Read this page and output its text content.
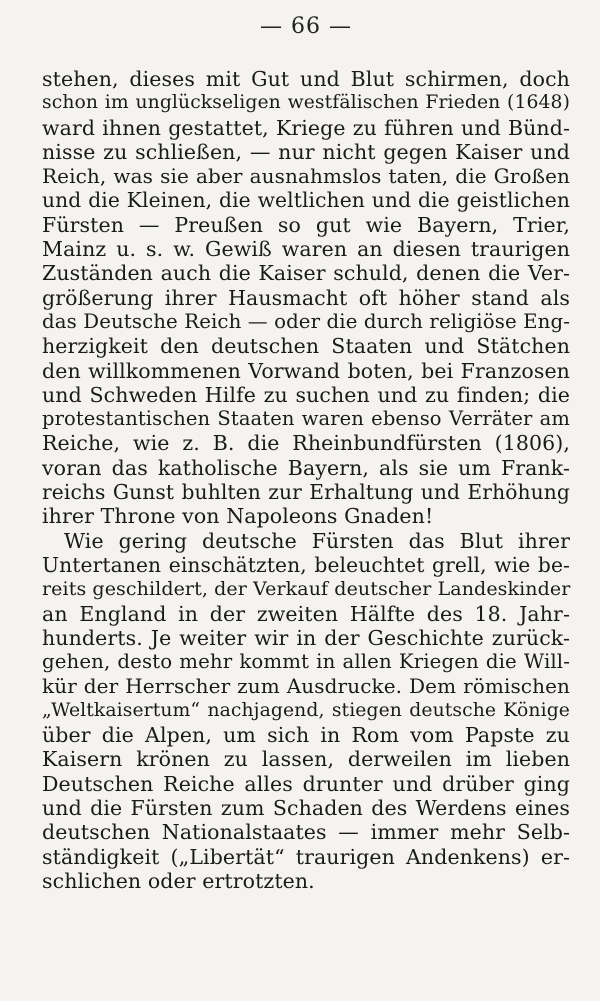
— 66 —
stehen, dieses mit Gut und Blut schirmen, doch
schon im unglückseligen westfälischen Frieden (1648)
ward ihnen gestattet, Kriege zu führen und Bünd-
nisse zu schließen, — nur nicht gegen Kaiser und
Reich, was sie aber ausnahmslos taten, die Großen
und die Kleinen, die weltlichen und die geistlichen
Fürsten — Preußen so gut wie Bayern, Trier,
Mainz u. s. w. Gewiß waren an diesen traurigen
Zuständen auch die Kaiser schuld, denen die Ver-
größerung ihrer Hausmacht oft höher stand als
das Deutsche Reich — oder die durch religiöse Eng-
herzigkeit den deutschen Staaten und Stätchen
den willkommenen Vorwand boten, bei Franzosen
und Schweden Hilfe zu suchen und zu finden; die
protestantischen Staaten waren ebenso Verräter am
Reiche, wie z. B. die Rheinbundfürsten (1806),
voran das katholische Bayern, als sie um Frank-
reichs Gunst buhlten zur Erhaltung und Erhöhung
ihrer Throne von Napoleons Gnaden!
Wie gering deutsche Fürsten das Blut ihrer
Untertanen einschätzten, beleuchtet grell, wie be-
reits geschildert, der Verkauf deutscher Landeskinder
an England in der zweiten Hälfte des 18. Jahr-
hunderts. Je weiter wir in der Geschichte zurück-
gehen, desto mehr kommt in allen Kriegen die Will-
kür der Herrscher zum Ausdrucke. Dem römischen
„Weltkaisertum“ nachjagend, stiegen deutsche Könige
über die Alpen, um sich in Rom vom Papste zu
Kaisern krönen zu lassen, derweilen im lieben
Deutschen Reiche alles drunter und drüber ging
und die Fürsten zum Schaden des Werdens eines
deutschen Nationalstaates — immer mehr Selb-
ständigkeit („Libertät“ traurigen Andenkens) er-
schlichen oder ertrotzten.
